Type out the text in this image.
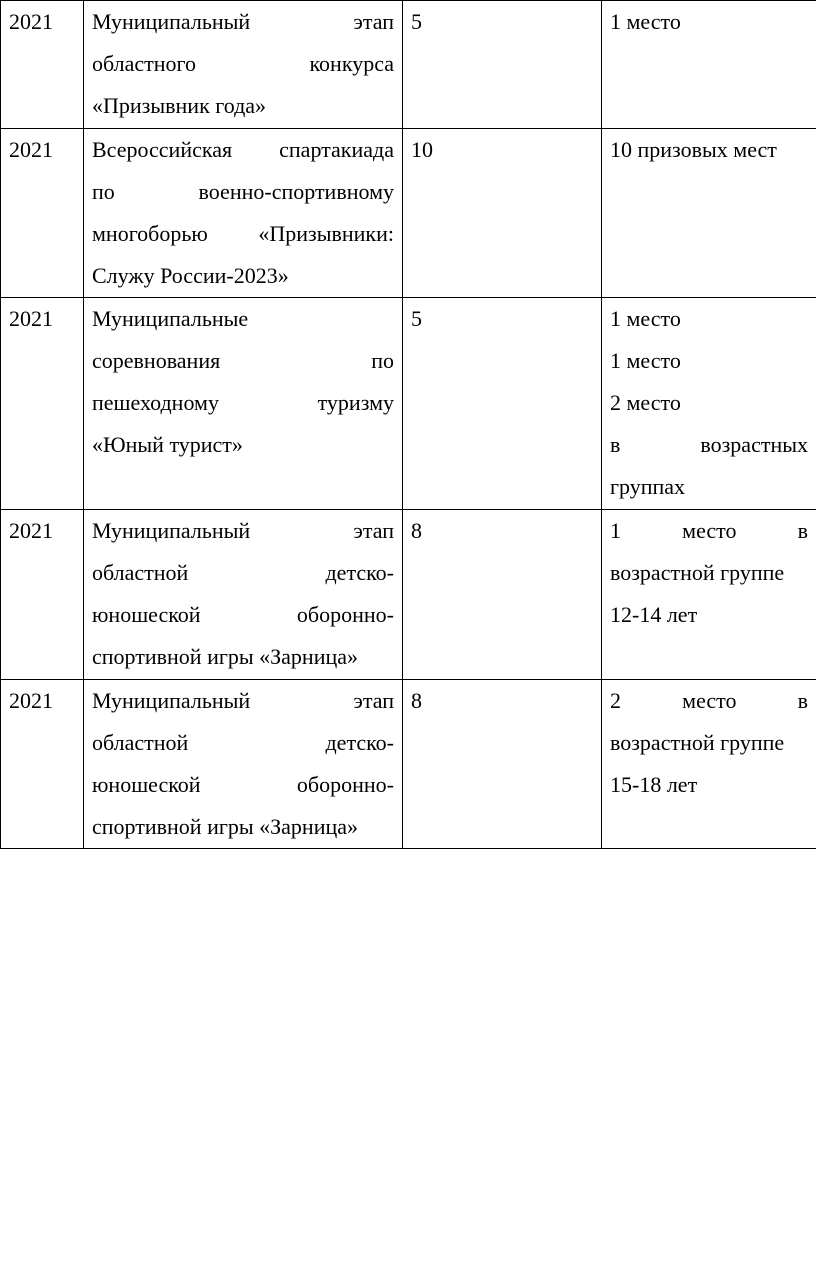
2021	Муниципальный этап
областного конкурса
«Призывник года»	5	1 место

2021	Всероссийская спартакиада
по военно-спортивному
многоборью «Призывники:
Служу России-2023»	10	10 призовых мест

2021	Муниципальные
соревнования по
пешеходному туризму
«Юный турист»	5	1 место
1 место
2 место
в возрастных
группах

2021	Муниципальный этап
областной детско-
юношеской оборонно-
спортивной игры «Зарница»	8	1 место в
возрастной группе
12-14 лет

2021	Муниципальный этап
областной детско-
юношеской оборонно-
спортивной игры «Зарница»	8	2 место в
возрастной группе
15-18 лет
